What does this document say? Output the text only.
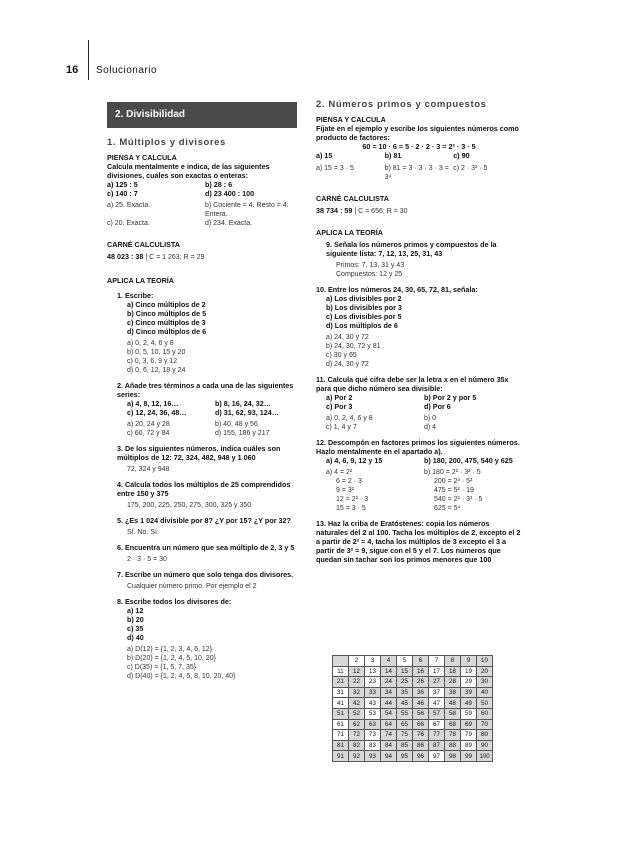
16 Solucionario
2. Divisibilidad
1. Múltiplos y divisores
PIENSA Y CALCULA
Calcula mentalmente e indica, de las siguientes divisiones, cuáles son exactas o enteras:
a) 125 : 5	b) 28 : 6
c) 140 : 7	d) 23 400 : 100
a) 25. Exacta.	b) Cociente = 4. Resto = 4. Entera.
c) 20. Exacta.	d) 234. Exacta.
CARNÉ CALCULISTA
48 023 : 38 | C = 1 263; R = 29
APLICA LA TEORÍA
1. Escribe:
a) Cinco múltiplos de 2
b) Cinco múltiplos de 5
c) Cinco múltiplos de 3
d) Cinco múltiplos de 6
a) 0, 2, 4, 6 y 8
b) 0, 5, 10, 15 y 20
c) 0, 3, 6, 9 y 12
d) 0, 6, 12, 18 y 24
2. Añade tres términos a cada una de las siguientes series:
a) 4, 8, 12, 16…	b) 8, 16, 24, 32…
c) 12, 24, 36, 48…	d) 31, 62, 93, 124…
a) 20, 24 y 28	b) 40, 48 y 56
c) 60, 72 y 84	d) 155, 186 y 217
3. De los siguientes números, indica cuáles son múltiplos de 12: 72, 324, 482, 948 y 1 060
72, 324 y 948
4. Calcula todos los múltiplos de 25 comprendidos entre 150 y 375
175, 200, 225, 250, 275, 300, 325 y 350
5. ¿Es 1 024 divisible por 8? ¿Y por 15? ¿Y por 32?
Sí. No. Sí.
6. Encuentra un número que sea múltiplo de 2, 3 y 5
2 · 3 · 5 = 30
7. Escribe un número que solo tenga dos divisores.
Cualquier número primo. Por ejemplo el 2
8. Escribe todos los divisores de:
a) 12
b) 20
c) 35
d) 40
a) D(12) = {1, 2, 3, 4, 6, 12}
b) D(20) = {1, 2, 4, 5, 10, 20}
c) D(35) = {1, 5, 7, 35}
d) D(40) = {1, 2, 4, 5, 8, 10, 20, 40}
2. Números primos y compuestos
PIENSA Y CALCULA
Fíjate en el ejemplo y escribe los siguientes números como producto de factores:
60 = 10 · 6 = 5 · 2 · 2 · 3 = 2² · 3 · 5
a) 15	b) 81	c) 90
a) 15 = 3 · 5	b) 81 = 3 · 3 · 3 · 3 = 3⁴
c) 2 · 3² · 5
CARNÉ CALCULISTA
38 734 : 59 | C = 656; R = 30
APLICA LA TEORÍA
9. Señala los números primos y compuestos de la siguiente lista: 7, 12, 13, 25, 31, 43
Primos: 7, 13, 31 y 43
Compuestos: 12 y 25
10. Entre los números 24, 30, 65, 72, 81, señala:
a) Los divisibles por 2
b) Los divisibles por 3
c) Los divisibles por 5
d) Los múltiplos de 6
a) 24, 30 y 72
b) 24, 30, 72 y 81
c) 30 y 65
d) 24, 30 y 72
11. Calcula qué cifra debe ser la letra x en el número 35x para que dicho número sea divisible:
a) Por 2	b) Por 2 y por 5
c) Por 3	d) Por 6
a) 0, 2, 4, 6 y 8	b) 0
c) 1, 4 y 7	d) 4
12. Descompón en factores primos los siguientes números. Hazlo mentalmente en el apartado a).
a) 4, 6, 9, 12 y 15	b) 180, 200, 475, 540 y 625
a) 4 = 2²
6 = 2 · 3
9 = 3²
12 = 2² · 3
15 = 3 · 5
b) 180 = 2² · 3² · 5
200 = 2³ · 5²
475 = 5² · 19
540 = 2² · 3³ · 5
625 = 5⁴
13. Haz la criba de Eratóstenes: copia los números naturales del 2 al 100. Tacha los múltiplos de 2, excepto el 2 a partir de 2² = 4, tacha los múltiplos de 3 excepto el 3 a partir de 3² = 9, sigue con el 5 y el 7. Los números que quedan sin tachar son los primos menores que 100
	2	3	4	5	6	7	8	9	10
11	12	13	14	15	16	17	18	19	20
21	22	23	24	25	26	27	28	29	30
31	32	33	34	35	36	37	38	39	40
41	42	43	44	45	46	47	48	49	50
51	52	53	54	55	56	57	58	59	60
61	62	63	64	65	66	67	68	69	70
71	72	73	74	75	76	77	78	79	80
81	82	83	84	85	86	87	88	89	90
91	92	93	94	95	96	97	98	99	100
